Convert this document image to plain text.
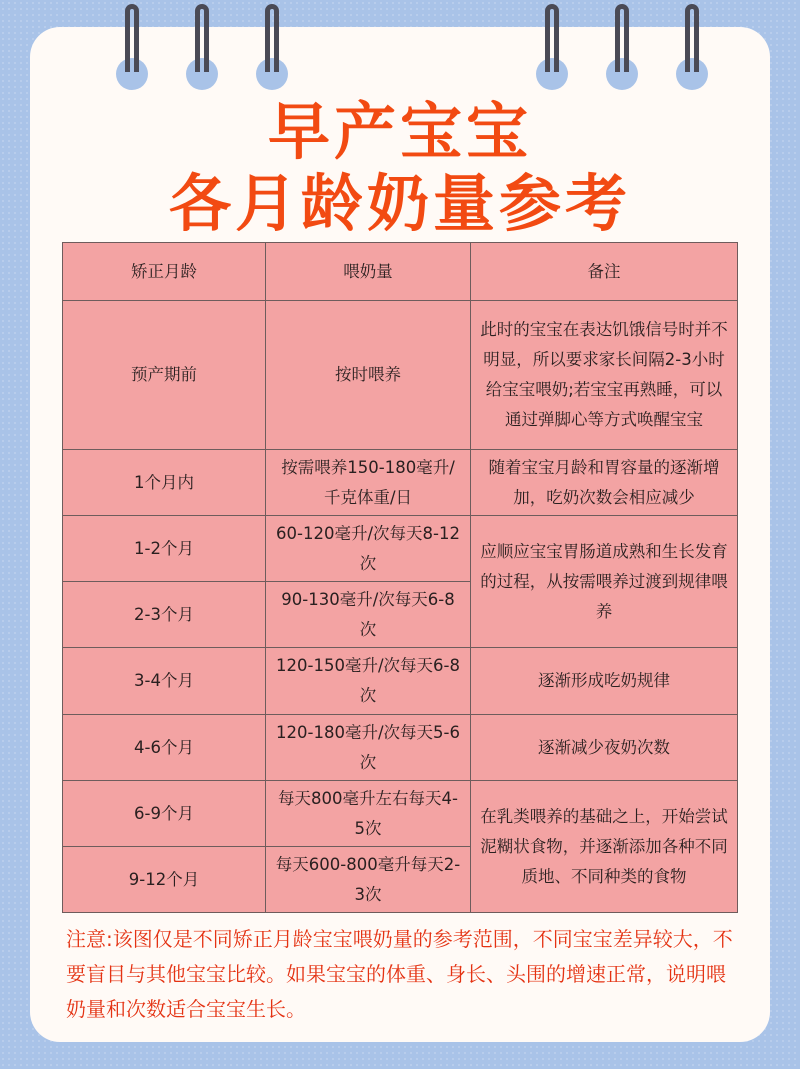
早产宝宝
各月龄奶量参考
矫正月龄	喂奶量	备注
预产期前	按时喂养	此时的宝宝在表达饥饿信号时并不明显，所以要求家长间隔2-3小时给宝宝喂奶;若宝宝再熟睡，可以通过弹脚心等方式唤醒宝宝
1个月内	按需喂养150-180毫升/千克体重/日	随着宝宝月龄和胃容量的逐渐增加，吃奶次数会相应减少
1-2个月	60-120毫升/次每天8-12次	应顺应宝宝胃肠道成熟和生长发育的过程，从按需喂养过渡到规律喂养
2-3个月	90-130毫升/次每天6-8次	
3-4个月	120-150毫升/次每天6-8次	逐渐形成吃奶规律
4-6个月	120-180毫升/次每天5-6次	逐渐减少夜奶次数
6-9个月	每天800毫升左右每天4-5次	在乳类喂养的基础之上，开始尝试泥糊状食物，并逐渐添加各种不同质地、不同种类的食物
9-12个月	每天600-800毫升每天2-3次	
注意:该图仅是不同矫正月龄宝宝喂奶量的参考范围，不同宝宝差异较大，不要盲目与其他宝宝比较。如果宝宝的体重、身长、头围的增速正常，说明喂奶量和次数适合宝宝生长。
